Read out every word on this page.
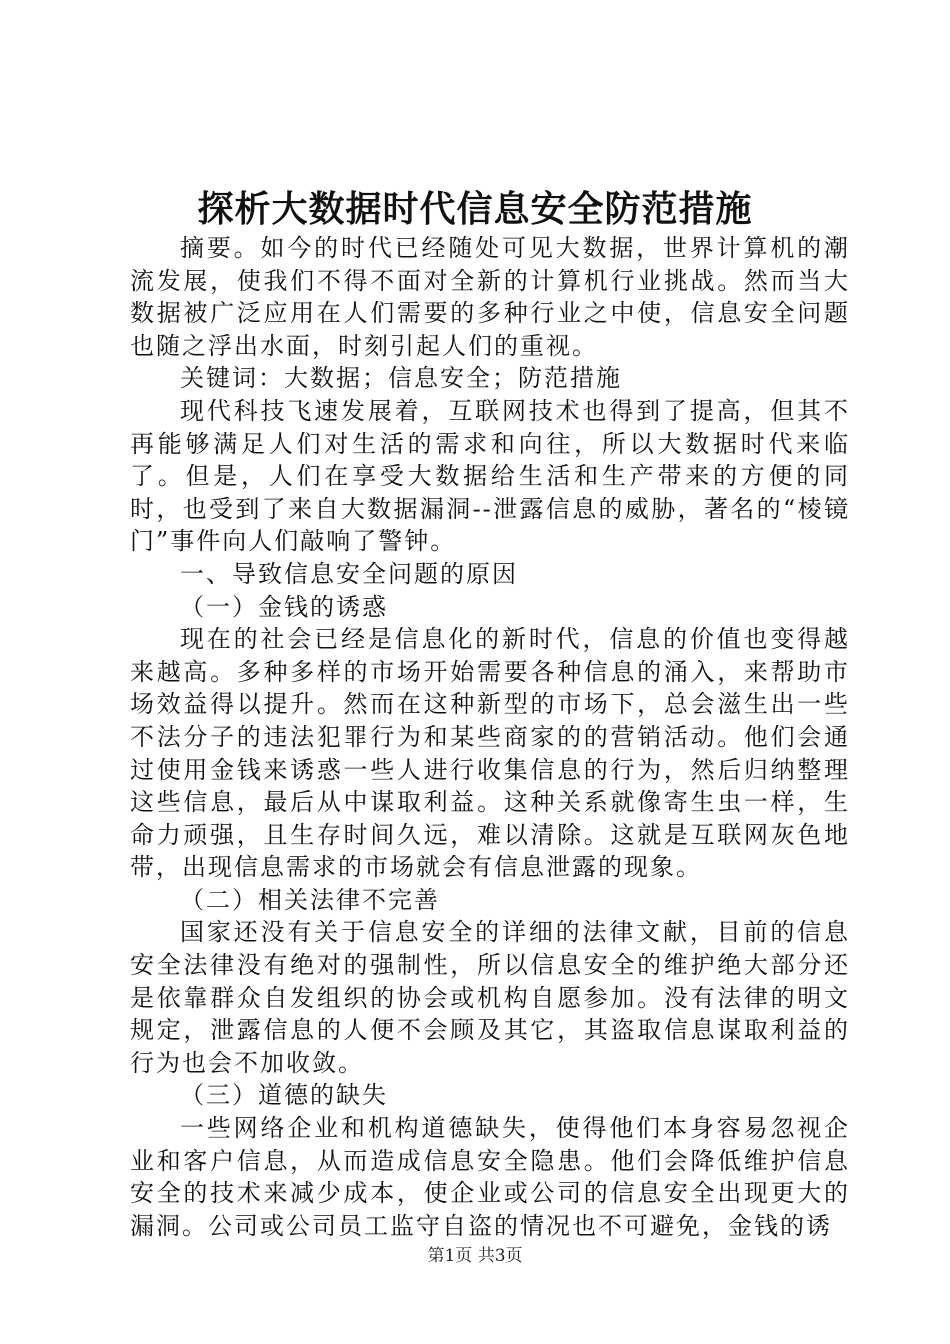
探析大数据时代信息安全防范措施

摘要。如今的时代已经随处可见大数据，世界计算机的潮流发展，使我们不得不面对全新的计算机行业挑战。然而当大数据被广泛应用在人们需要的多种行业之中使，信息安全问题也随之浮出水面，时刻引起人们的重视。

关键词：大数据；信息安全；防范措施

现代科技飞速发展着，互联网技术也得到了提高，但其不再能够满足人们对生活的需求和向往，所以大数据时代来临了。但是，人们在享受大数据给生活和生产带来的方便的同时，也受到了来自大数据漏洞--泄露信息的威胁，著名的“棱镜门”事件向人们敲响了警钟。

一、导致信息安全问题的原因

（一）金钱的诱惑

现在的社会已经是信息化的新时代，信息的价值也变得越来越高。多种多样的市场开始需要各种信息的涌入，来帮助市场效益得以提升。然而在这种新型的市场下，总会滋生出一些不法分子的违法犯罪行为和某些商家的的营销活动。他们会通过使用金钱来诱惑一些人进行收集信息的行为，然后归纳整理这些信息，最后从中谋取利益。这种关系就像寄生虫一样，生命力顽强，且生存时间久远，难以清除。这就是互联网灰色地带，出现信息需求的市场就会有信息泄露的现象。

（二）相关法律不完善

国家还没有关于信息安全的详细的法律文献，目前的信息安全法律没有绝对的强制性，所以信息安全的维护绝大部分还是依靠群众自发组织的协会或机构自愿参加。没有法律的明文规定，泄露信息的人便不会顾及其它，其盗取信息谋取利益的行为也会不加收敛。

（三）道德的缺失

一些网络企业和机构道德缺失，使得他们本身容易忽视企业和客户信息，从而造成信息安全隐患。他们会降低维护信息安全的技术来减少成本，使企业或公司的信息安全出现更大的漏洞。公司或公司员工监守自盗的情况也不可避免，金钱的诱

第1页 共3页
